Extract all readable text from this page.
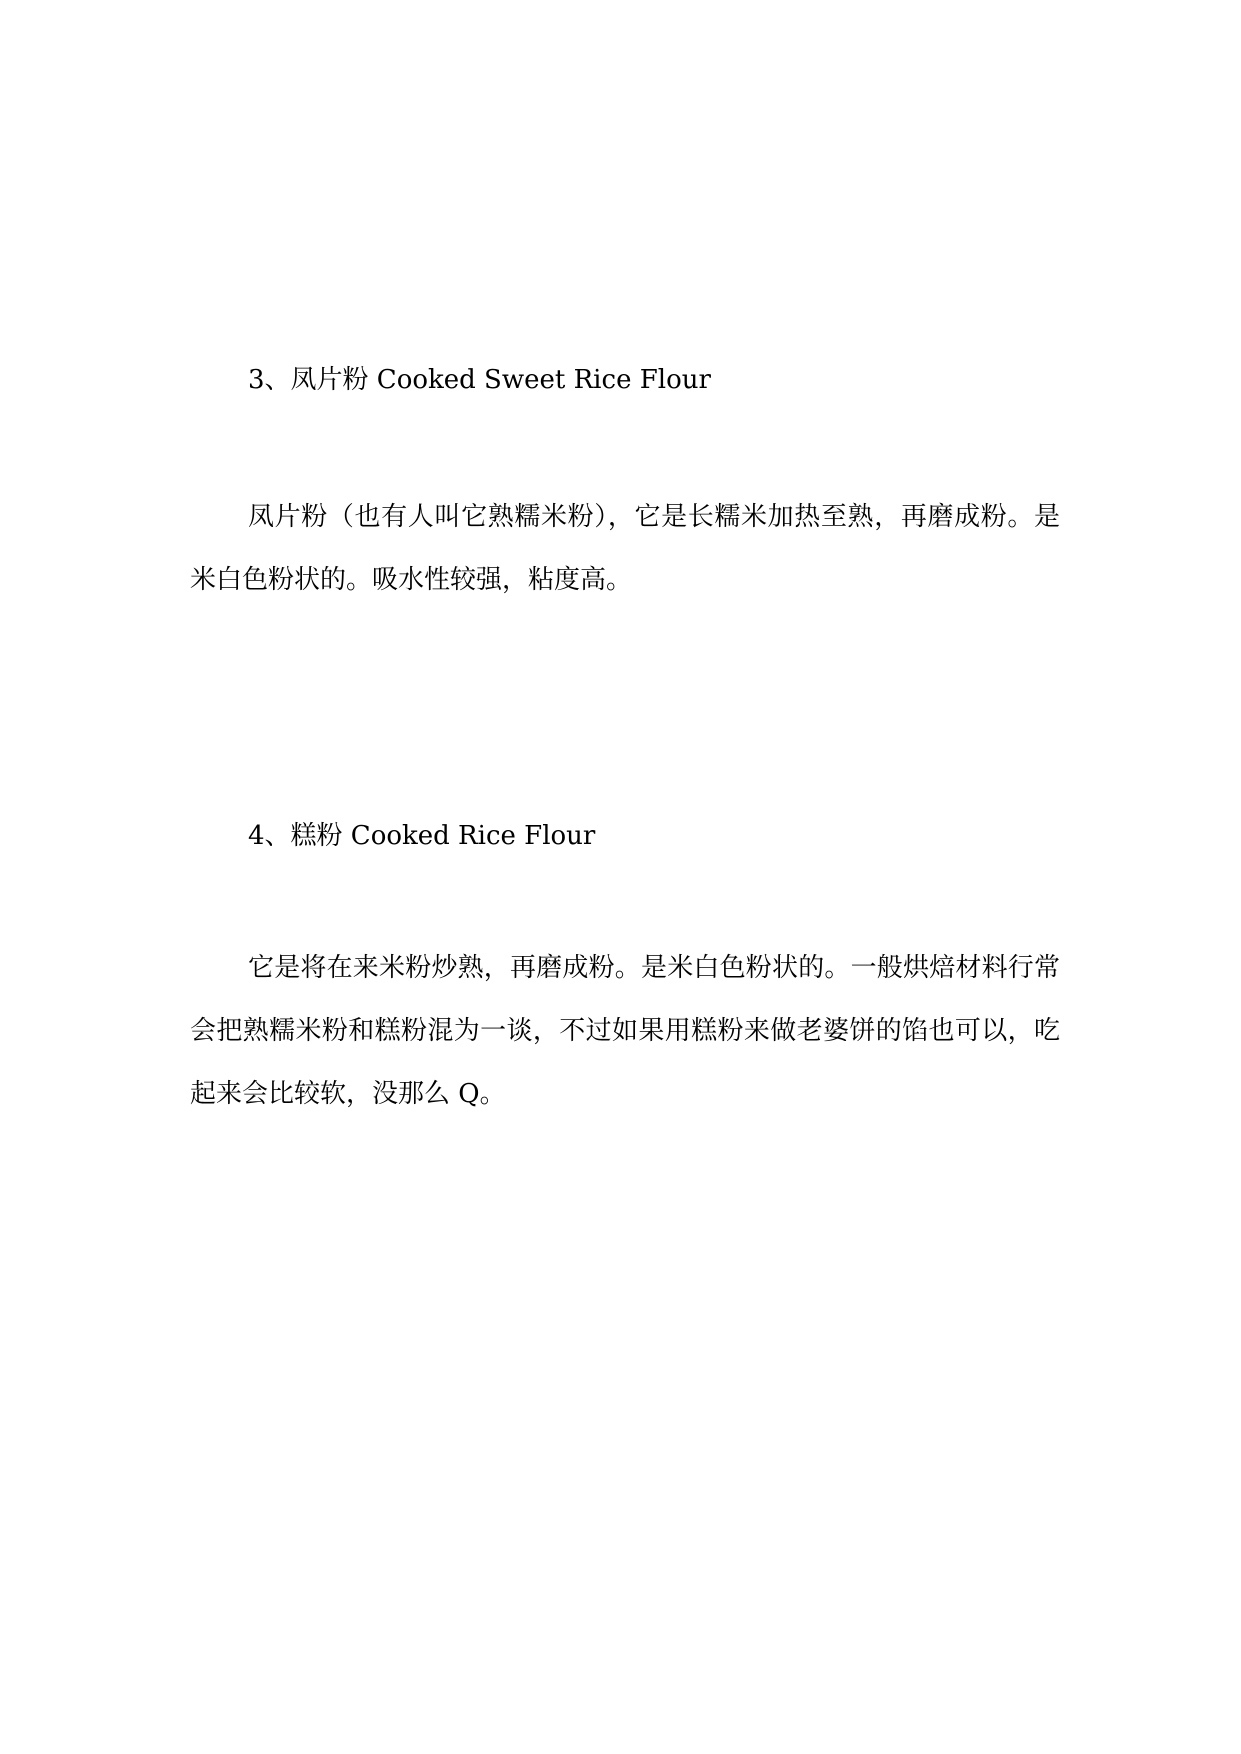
3、凤片粉 Cooked Sweet Rice Flour

凤片粉（也有人叫它熟糯米粉），它是长糯米加热至熟，再磨成粉。是米白色粉状的。吸水性较强，粘度高。

4、糕粉 Cooked Rice Flour

它是将在来米粉炒熟，再磨成粉。是米白色粉状的。一般烘焙材料行常会把熟糯米粉和糕粉混为一谈，不过如果用糕粉来做老婆饼的馅也可以，吃起来会比较软，没那么 Q。
